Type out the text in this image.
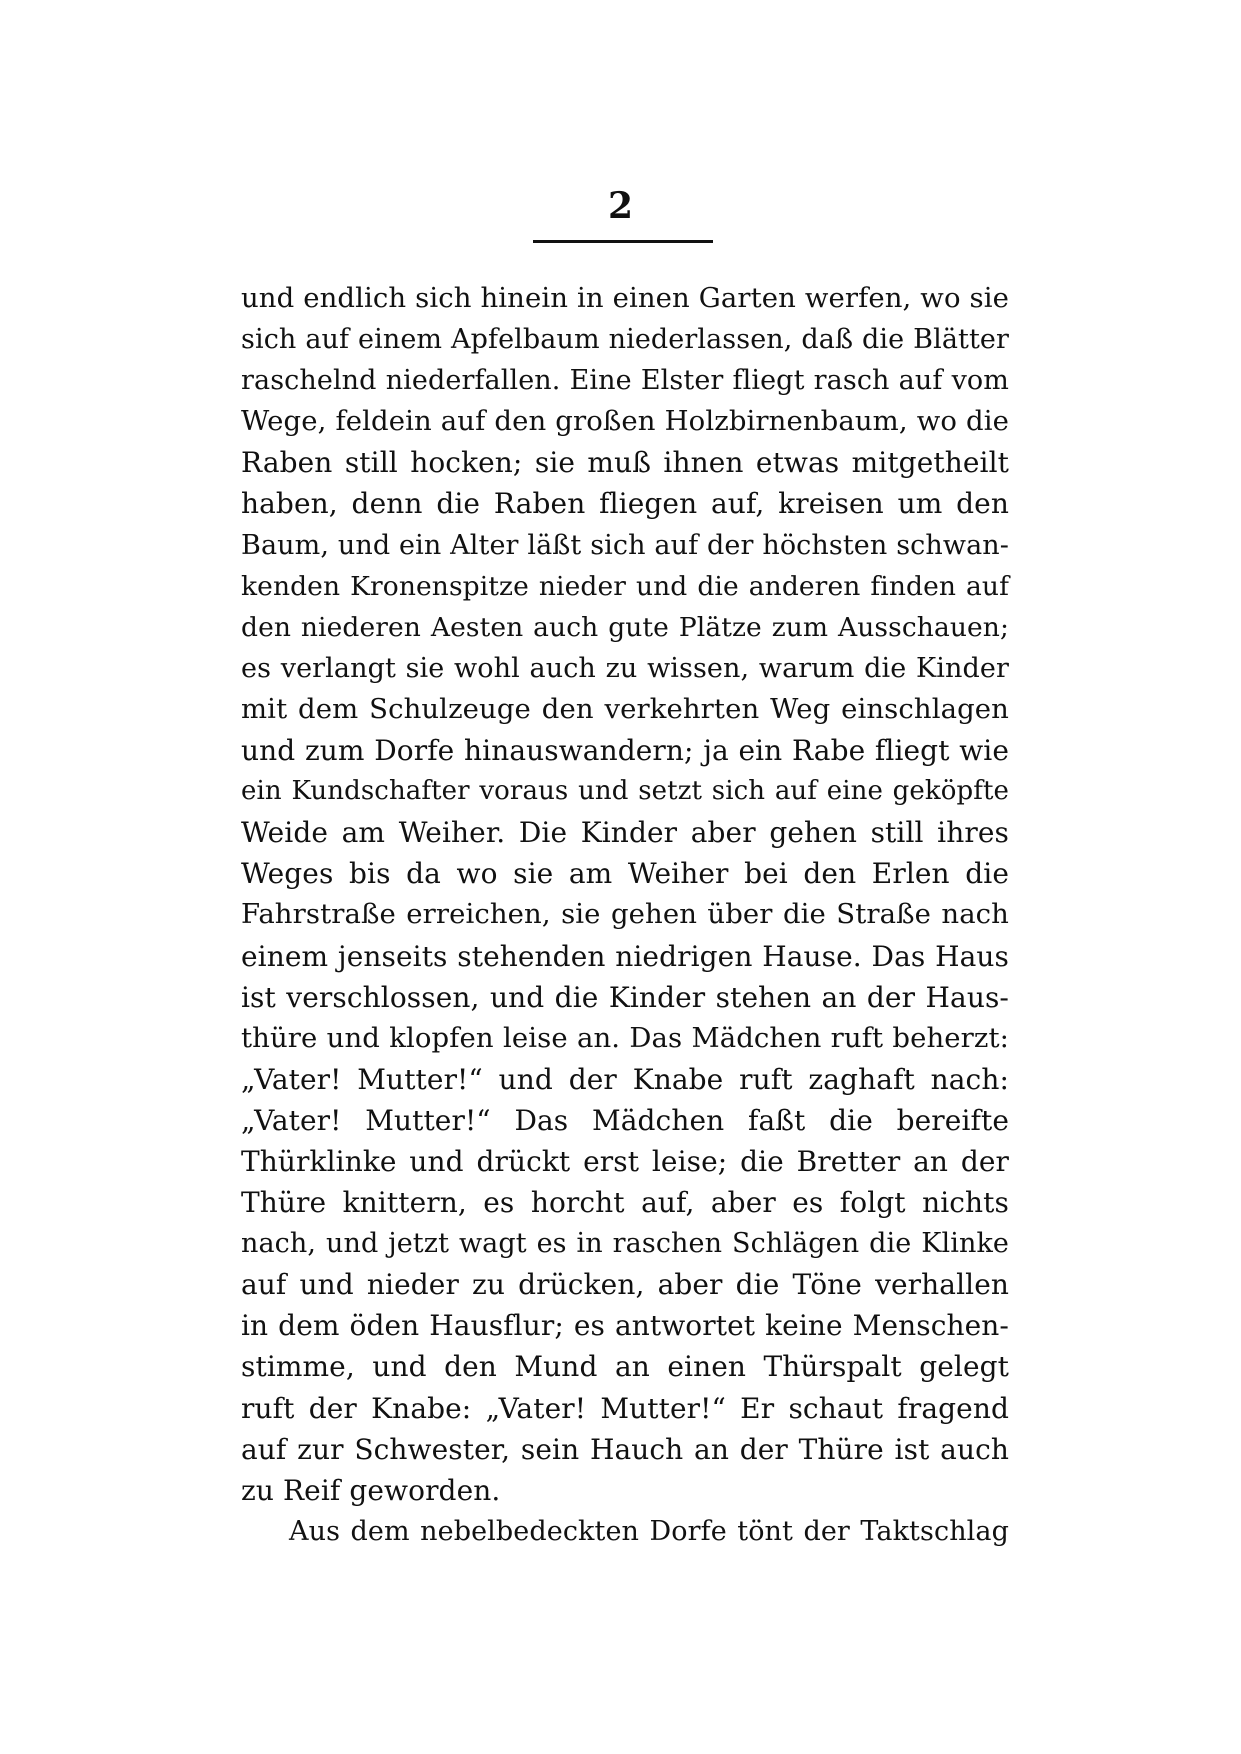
2
und endlich sich hinein in einen Garten werfen, wo sie
sich auf einem Apfelbaum niederlassen, daß die Blätter
raschelnd niederfallen. Eine Elster fliegt rasch auf vom
Wege, feldein auf den großen Holzbirnenbaum, wo die
Raben still hocken; sie muß ihnen etwas mitgetheilt
haben, denn die Raben fliegen auf, kreisen um den
Baum, und ein Alter läßt sich auf der höchsten schwan-
kenden Kronenspitze nieder und die anderen finden auf
den niederen Aesten auch gute Plätze zum Ausschauen;
es verlangt sie wohl auch zu wissen, warum die Kinder
mit dem Schulzeuge den verkehrten Weg einschlagen
und zum Dorfe hinauswandern; ja ein Rabe fliegt wie
ein Kundschafter voraus und setzt sich auf eine geköpfte
Weide am Weiher. Die Kinder aber gehen still ihres
Weges bis da wo sie am Weiher bei den Erlen die
Fahrstraße erreichen, sie gehen über die Straße nach
einem jenseits stehenden niedrigen Hause. Das Haus
ist verschlossen, und die Kinder stehen an der Haus-
thüre und klopfen leise an. Das Mädchen ruft beherzt:
„Vater! Mutter!“ und der Knabe ruft zaghaft nach:
„Vater! Mutter!“ Das Mädchen faßt die bereifte
Thürklinke und drückt erst leise; die Bretter an der
Thüre knittern, es horcht auf, aber es folgt nichts
nach, und jetzt wagt es in raschen Schlägen die Klinke
auf und nieder zu drücken, aber die Töne verhallen
in dem öden Hausflur; es antwortet keine Menschen-
stimme, und den Mund an einen Thürspalt gelegt
ruft der Knabe: „Vater! Mutter!“ Er schaut fragend
auf zur Schwester, sein Hauch an der Thüre ist auch
zu Reif geworden.
Aus dem nebelbedeckten Dorfe tönt der Taktschlag
